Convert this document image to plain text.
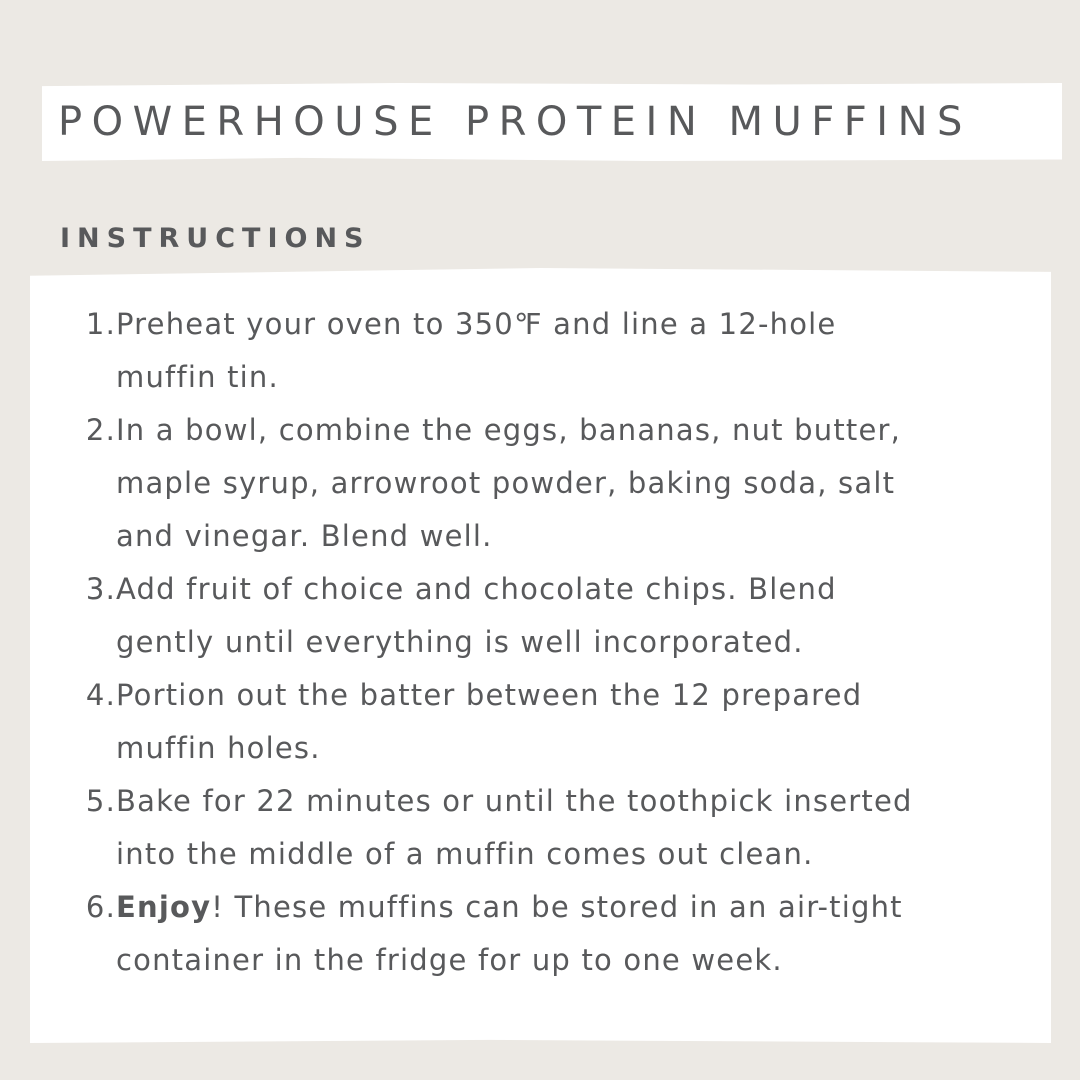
POWERHOUSE PROTEIN MUFFINS
INSTRUCTIONS
1. Preheat your oven to 350℉ and line a 12-hole
muffin tin.
2. In a bowl, combine the eggs, bananas, nut butter,
maple syrup, arrowroot powder, baking soda, salt
and vinegar. Blend well.
3. Add fruit of choice and chocolate chips. Blend
gently until everything is well incorporated.
4. Portion out the batter between the 12 prepared
muffin holes.
5. Bake for 22 minutes or until the toothpick inserted
into the middle of a muffin comes out clean.
6. Enjoy! These muffins can be stored in an air-tight
container in the fridge for up to one week.
